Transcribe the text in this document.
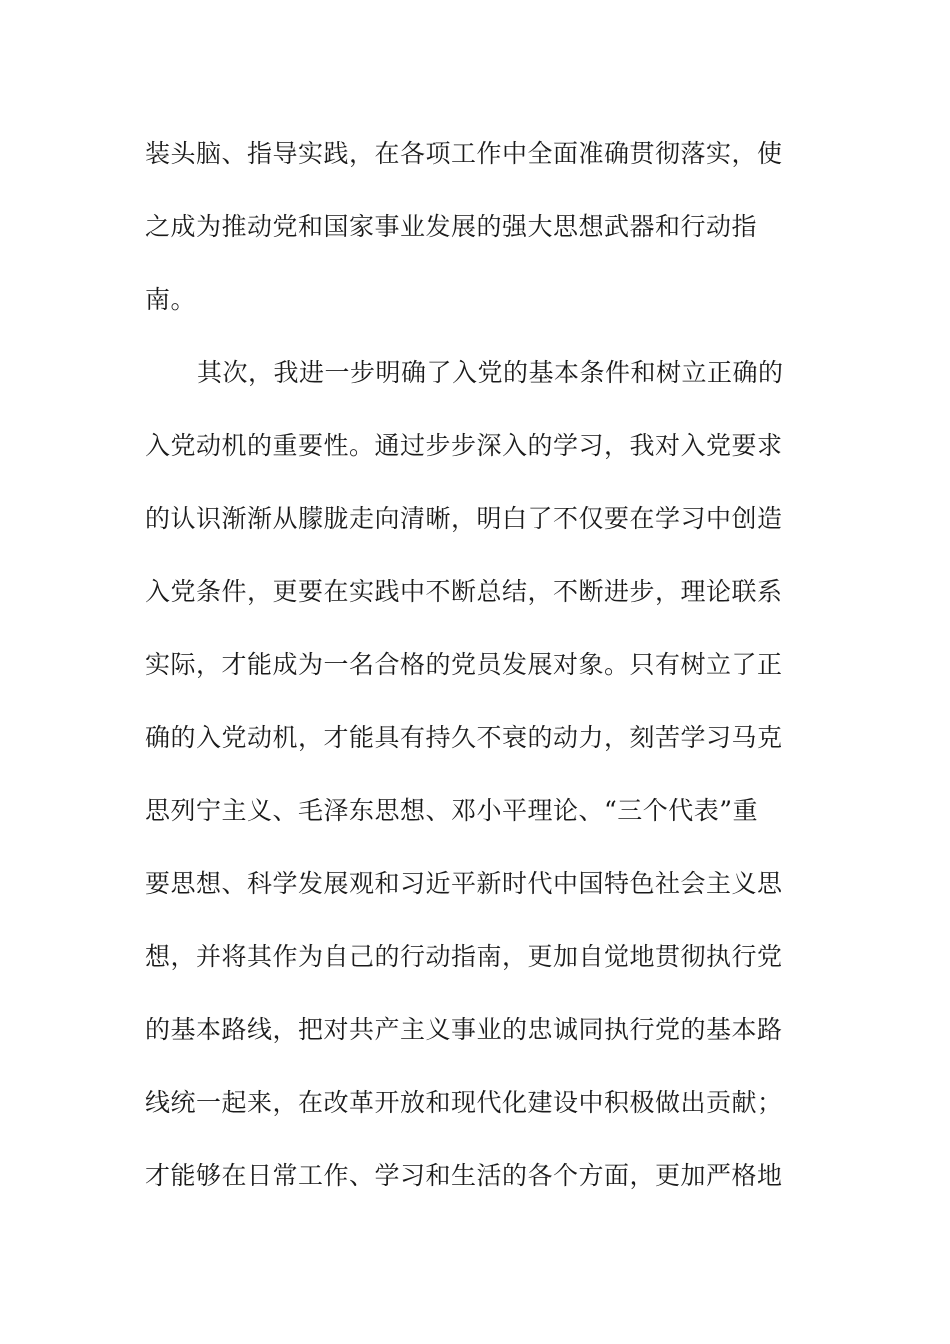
装头脑、指导实践，在各项工作中全面准确贯彻落实，使
之成为推动党和国家事业发展的强大思想武器和行动指
南。
其次，我进一步明确了入党的基本条件和树立正确的
入党动机的重要性。通过步步深入的学习，我对入党要求
的认识渐渐从朦胧走向清晰，明白了不仅要在学习中创造
入党条件，更要在实践中不断总结，不断进步，理论联系
实际，才能成为一名合格的党员发展对象。只有树立了正
确的入党动机，才能具有持久不衰的动力，刻苦学习马克
思列宁主义、毛泽东思想、邓小平理论、“三个代表”重
要思想、科学发展观和习近平新时代中国特色社会主义思
想，并将其作为自己的行动指南，更加自觉地贯彻执行党
的基本路线，把对共产主义事业的忠诚同执行党的基本路
线统一起来，在改革开放和现代化建设中积极做出贡献；
才能够在日常工作、学习和生活的各个方面，更加严格地
